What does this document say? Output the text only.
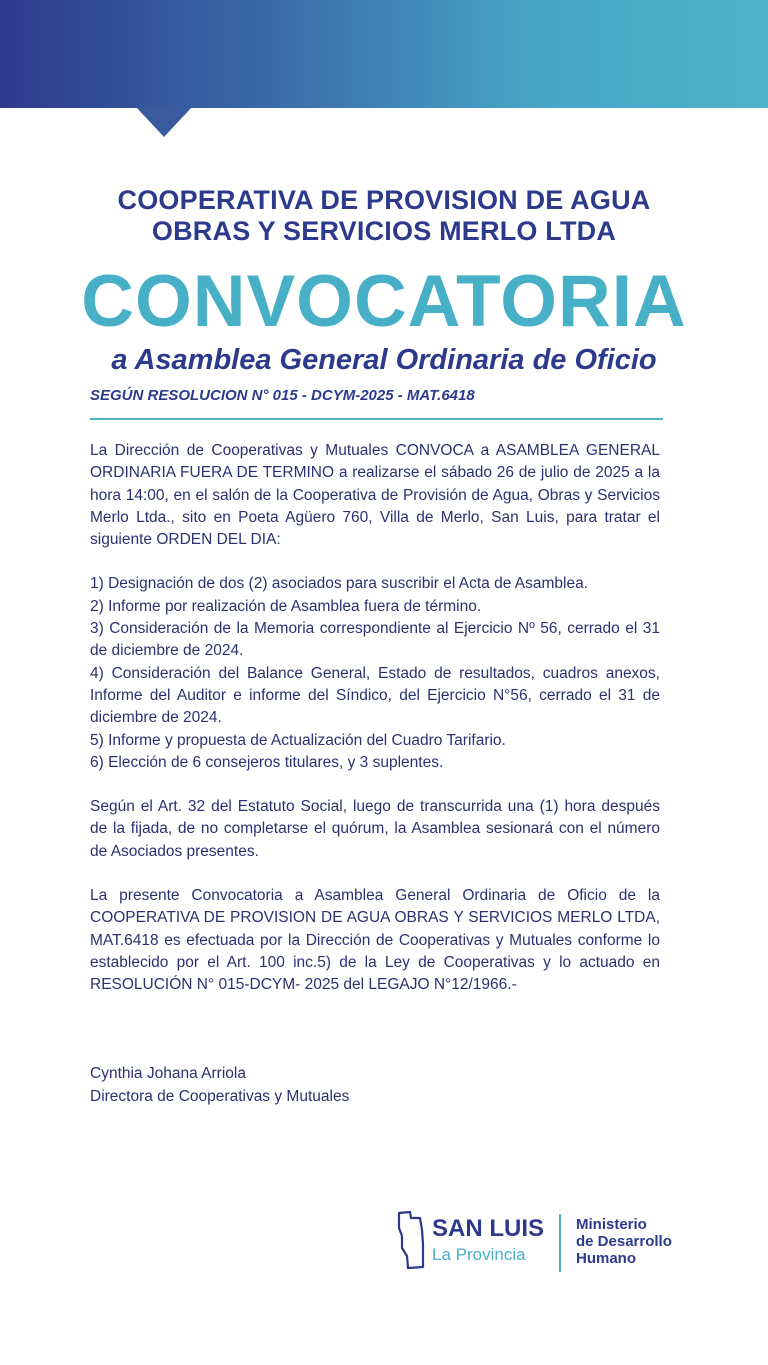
COOPERATIVA DE PROVISION DE AGUA
OBRAS Y SERVICIOS MERLO LTDA
CONVOCATORIA
a Asamblea General Ordinaria de Oficio
SEGÚN RESOLUCION N° 015 - DCYM-2025 - MAT.6418

La Dirección de Cooperativas y Mutuales CONVOCA a ASAMBLEA GENERAL ORDINARIA FUERA DE TERMINO a realizarse el sábado 26 de julio de 2025 a la hora 14:00, en el salón de la Cooperativa de Provisión de Agua, Obras y Servicios Merlo Ltda., sito en Poeta Agüero 760, Villa de Merlo, San Luis, para tratar el siguiente ORDEN DEL DIA:

1) Designación de dos (2) asociados para suscribir el Acta de Asamblea.

2) Informe por realización de Asamblea fuera de término.

3) Consideración de la Memoria correspondiente al Ejercicio Nº 56, cerrado el 31 de diciembre de 2024.

4) Consideración del Balance General, Estado de resultados, cuadros anexos, Informe del Auditor e informe del Síndico, del Ejercicio N°56, cerrado el 31 de diciembre de 2024.

5) Informe y propuesta de Actualización del Cuadro Tarifario.

6) Elección de 6 consejeros titulares, y 3 suplentes.

Según el Art. 32 del Estatuto Social, luego de transcurrida una (1) hora después de la fijada, de no completarse el quórum, la Asamblea sesionará con el número de Asociados presentes.

La presente Convocatoria a Asamblea General Ordinaria de Oficio de la COOPERATIVA DE PROVISION DE AGUA OBRAS Y SERVICIOS MERLO LTDA, MAT.6418 es efectuada por la Dirección de Cooperativas y Mutuales conforme lo establecido por el Art. 100 inc.5) de la Ley de Cooperativas y lo actuado en RESOLUCIÓN N° 015-DCYM- 2025 del LEGAJO N°12/1966.-

Cynthia Johana Arriola
Directora de Cooperativas y Mutuales
SAN LUIS
La Provincia
Ministerio
de Desarrollo
Humano
